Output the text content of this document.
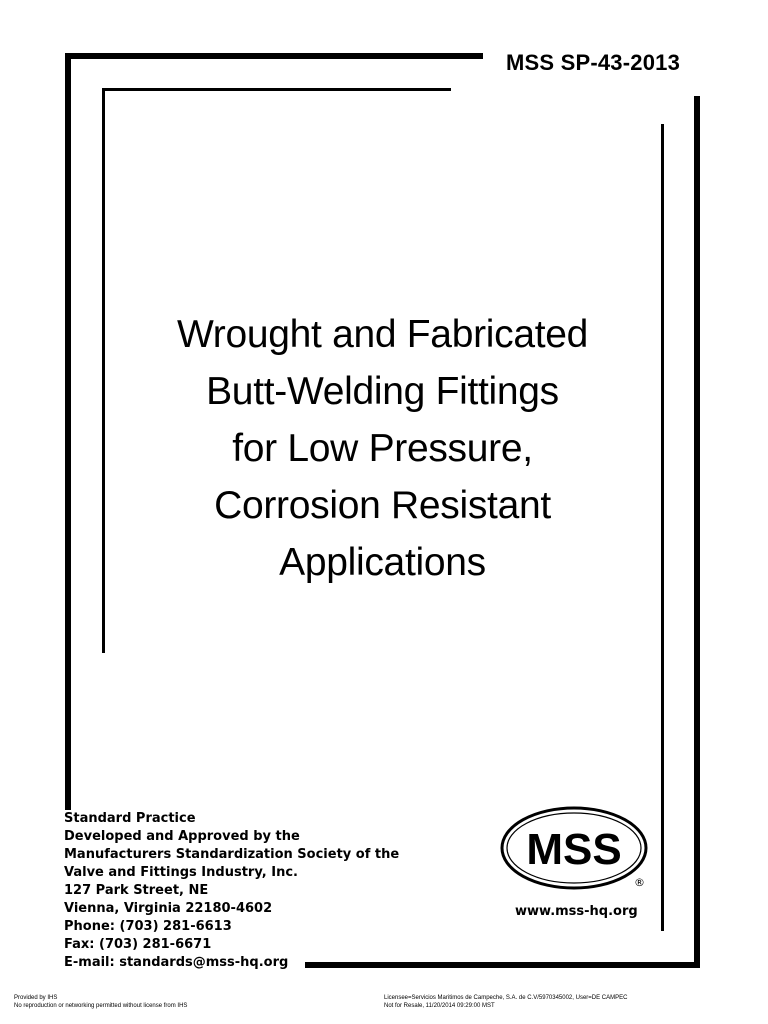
MSS SP-43-2013
Wrought and Fabricated
Butt-Welding Fittings
for Low Pressure,
Corrosion Resistant
Applications
Standard Practice
Developed and Approved by the
Manufacturers Standardization Society of the
Valve and Fittings Industry, Inc.
127 Park Street, NE
Vienna, Virginia 22180-4602
Phone: (703) 281-6613
Fax: (703) 281-6671
E-mail: standards@mss-hq.org
MSS
®
www.mss-hq.org
Provided by IHS
No reproduction or networking permitted without license from IHS
Licensee=Servicios Maritimos de Campeche, S.A. de C.V/5970345002, User=DE CAMPEC
Not for Resale, 11/20/2014 09:29:00 MST
